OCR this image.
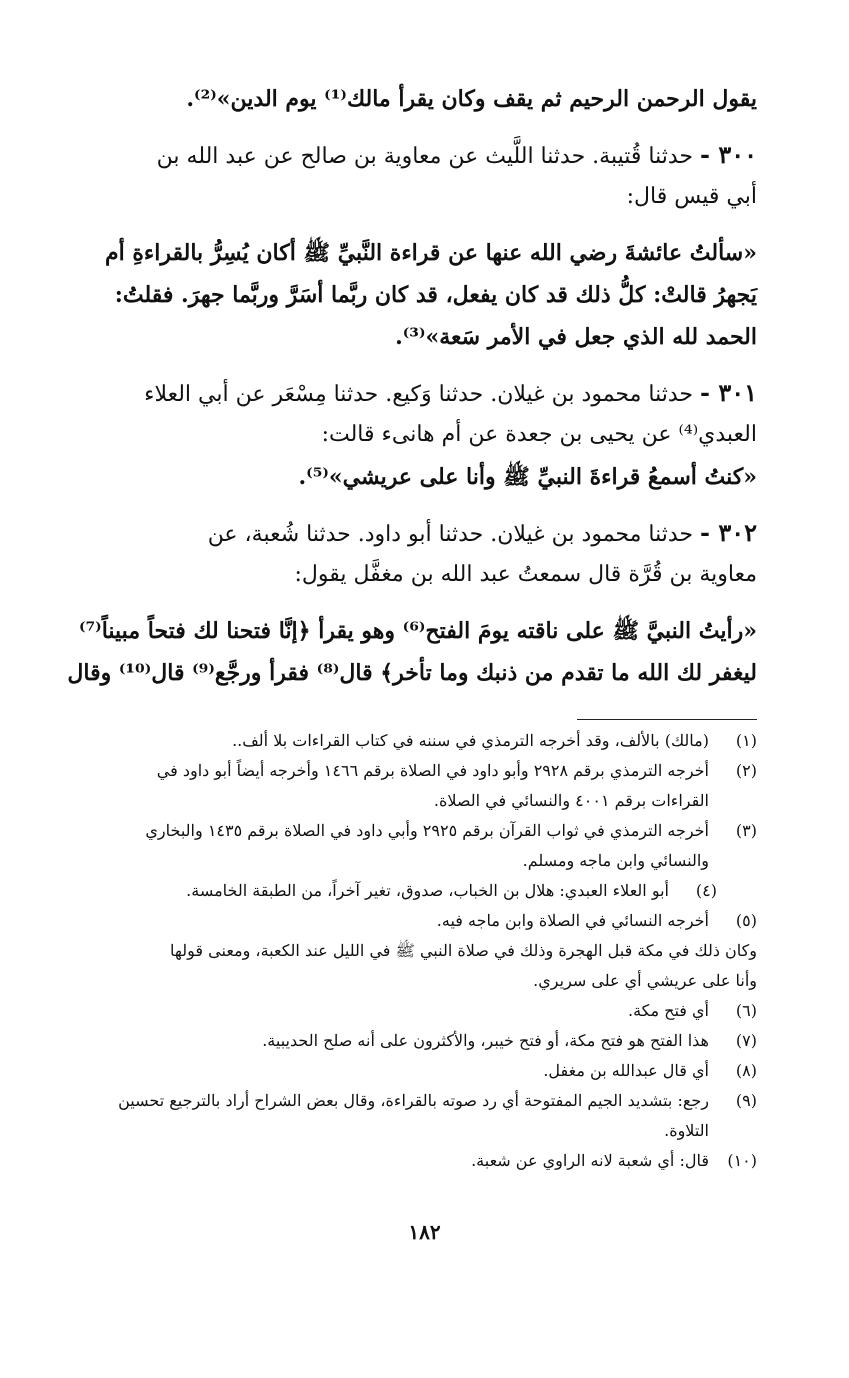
يقول الرحمن الرحيم ثم يقف وكان يقرأ مالك⁽¹⁾ يوم الدين»⁽²⁾.
٣٠٠ - حدثنا قُتيبة. حدثنا اللَّيث عن معاوية بن صالح عن عبد الله بن
أبي قيس قال:
«سألتُ عائشةَ رضي الله عنها عن قراءة النَّبيِّ ﷺ أكان يُسِرُّ بالقراءةِ أم
يَجهرُ قالتْ: كلُّ ذلك قد كان يفعل، قد كان ربَّما أسَرَّ وربَّما جهرَ. فقلتُ:
الحمد لله الذي جعل في الأمر سَعة»⁽³⁾.
٣٠١ - حدثنا محمود بن غيلان. حدثنا وَكيع. حدثنا مِسْعَر عن أبي العلاء
العبدي⁽⁴⁾ عن يحيى بن جعدة عن أم هانىء قالت:
«كنتُ أسمعُ قراءةَ النبيِّ ﷺ وأنا على عريشي»⁽⁵⁾.
٣٠٢ - حدثنا محمود بن غيلان. حدثنا أبو داود. حدثنا شُعبة، عن
معاوية بن قُرَّة قال سمعتُ عبد الله بن مغفَّل يقول:
«رأيتُ النبيَّ ﷺ على ناقته يومَ الفتح⁽⁶⁾ وهو يقرأ ﴿إنَّا فتحنا لك فتحاً مبيناً⁽⁷⁾
ليغفر لك الله ما تقدم من ذنبك وما تأخر﴾ قال⁽⁸⁾ فقرأ ورجَّع⁽⁹⁾ قال⁽¹⁰⁾ وقال
(١)
(مالك) بالألف، وقد أخرجه الترمذي في سننه في كتاب القراءات بلا ألف..
(٢)
أخرجه الترمذي برقم ٢٩٢٨ وأبو داود في الصلاة برقم ١٤٦٦ وأخرجه أيضاً أبو داود في
القراءات برقم ٤٠٠١ والنسائي في الصلاة.
(٣)
أخرجه الترمذي في ثواب القرآن برقم ٢٩٢٥ وأبي داود في الصلاة برقم ١٤٣٥ والبخاري
والنسائي وابن ماجه ومسلم.
(٤)
أبو العلاء العبدي: هلال بن الخباب، صدوق، تغير آخراً، من الطبقة الخامسة.
(٥)
أخرجه النسائي في الصلاة وابن ماجه فيه.
وكان ذلك في مكة قبل الهجرة وذلك في صلاة النبي ﷺ في الليل عند الكعبة، ومعنى قولها
وأنا على عريشي أي على سريري.
(٦)
أي فتح مكة.
(٧)
هذا الفتح هو فتح مكة، أو فتح خيبر، والأكثرون على أنه صلح الحديبية.
(٨)
أي قال عبدالله بن مغفل.
(٩)
رجع: بتشديد الجيم المفتوحة أي رد صوته بالقراءة، وقال بعض الشراح أراد بالترجيع تحسين
التلاوة.
(١٠)
قال: أي شعبة لانه الراوي عن شعبة.
١٨٢
